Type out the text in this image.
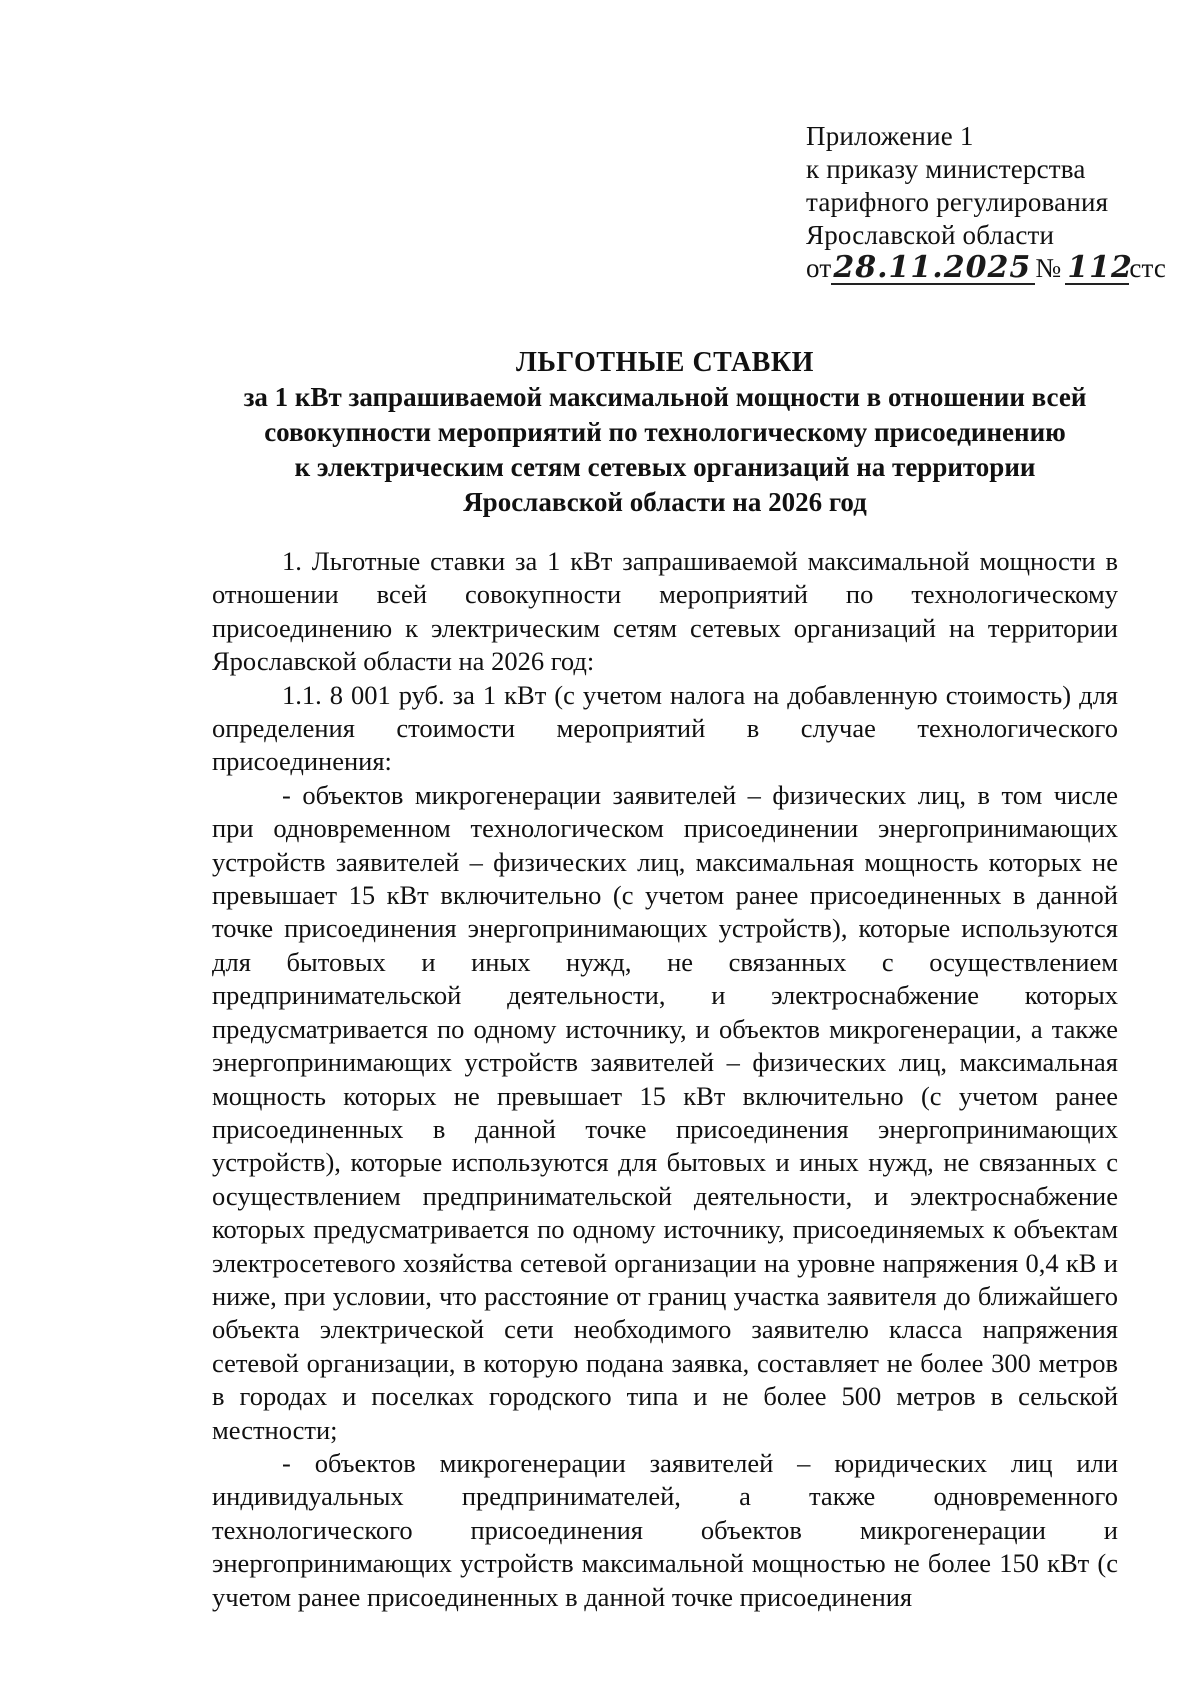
Приложение 1
к приказу министерства
тарифного регулирования
Ярославской области
от 28.11.2025 № 112
стс
ЛЬГОТНЫЕ СТАВКИ
за 1 кВт запрашиваемой максимальной мощности в отношении всей
совокупности мероприятий по технологическому присоединению
к электрическим сетям сетевых организаций на территории
Ярославской области на 2026 год

1. Льготные ставки за 1 кВт запрашиваемой максимальной мощности в отношении всей совокупности мероприятий по технологическому присоединению к электрическим сетям сетевых организаций на территории Ярославской области на 2026 год:

1.1. 8 001 руб. за 1 кВт (с учетом налога на добавленную стоимость) для определения стоимости мероприятий в случае технологического присоединения:

- объектов микрогенерации заявителей – физических лиц, в том числе при одновременном технологическом присоединении энергопринимающих устройств заявителей – физических лиц, максимальная мощность которых не превышает 15 кВт включительно (с учетом ранее присоединенных в данной точке присоединения энергопринимающих устройств), которые используются для бытовых и иных нужд, не связанных с осуществлением предпринимательской деятельности, и электроснабжение которых предусматривается по одному источнику, и объектов микрогенерации, а также энергопринимающих устройств заявителей – физических лиц, максимальная мощность которых не превышает 15 кВт включительно (с учетом ранее присоединенных в данной точке присоединения энергопринимающих устройств), которые используются для бытовых и иных нужд, не связанных с осуществлением предпринимательской деятельности, и электроснабжение которых предусматривается по одному источнику, присоединяемых к объектам электросетевого хозяйства сетевой организации на уровне напряжения 0,4 кВ и ниже, при условии, что расстояние от границ участка заявителя до ближайшего объекта электрической сети необходимого заявителю класса напряжения сетевой организации, в которую подана заявка, составляет не более 300 метров в городах и поселках городского типа и не более 500 метров в сельской местности;

- объектов микрогенерации заявителей – юридических лиц или индивидуальных предпринимателей, а также одновременного технологического присоединения объектов микрогенерации и энергопринимающих устройств максимальной мощностью не более 150 кВт (с учетом ранее присоединенных в данной точке присоединения
